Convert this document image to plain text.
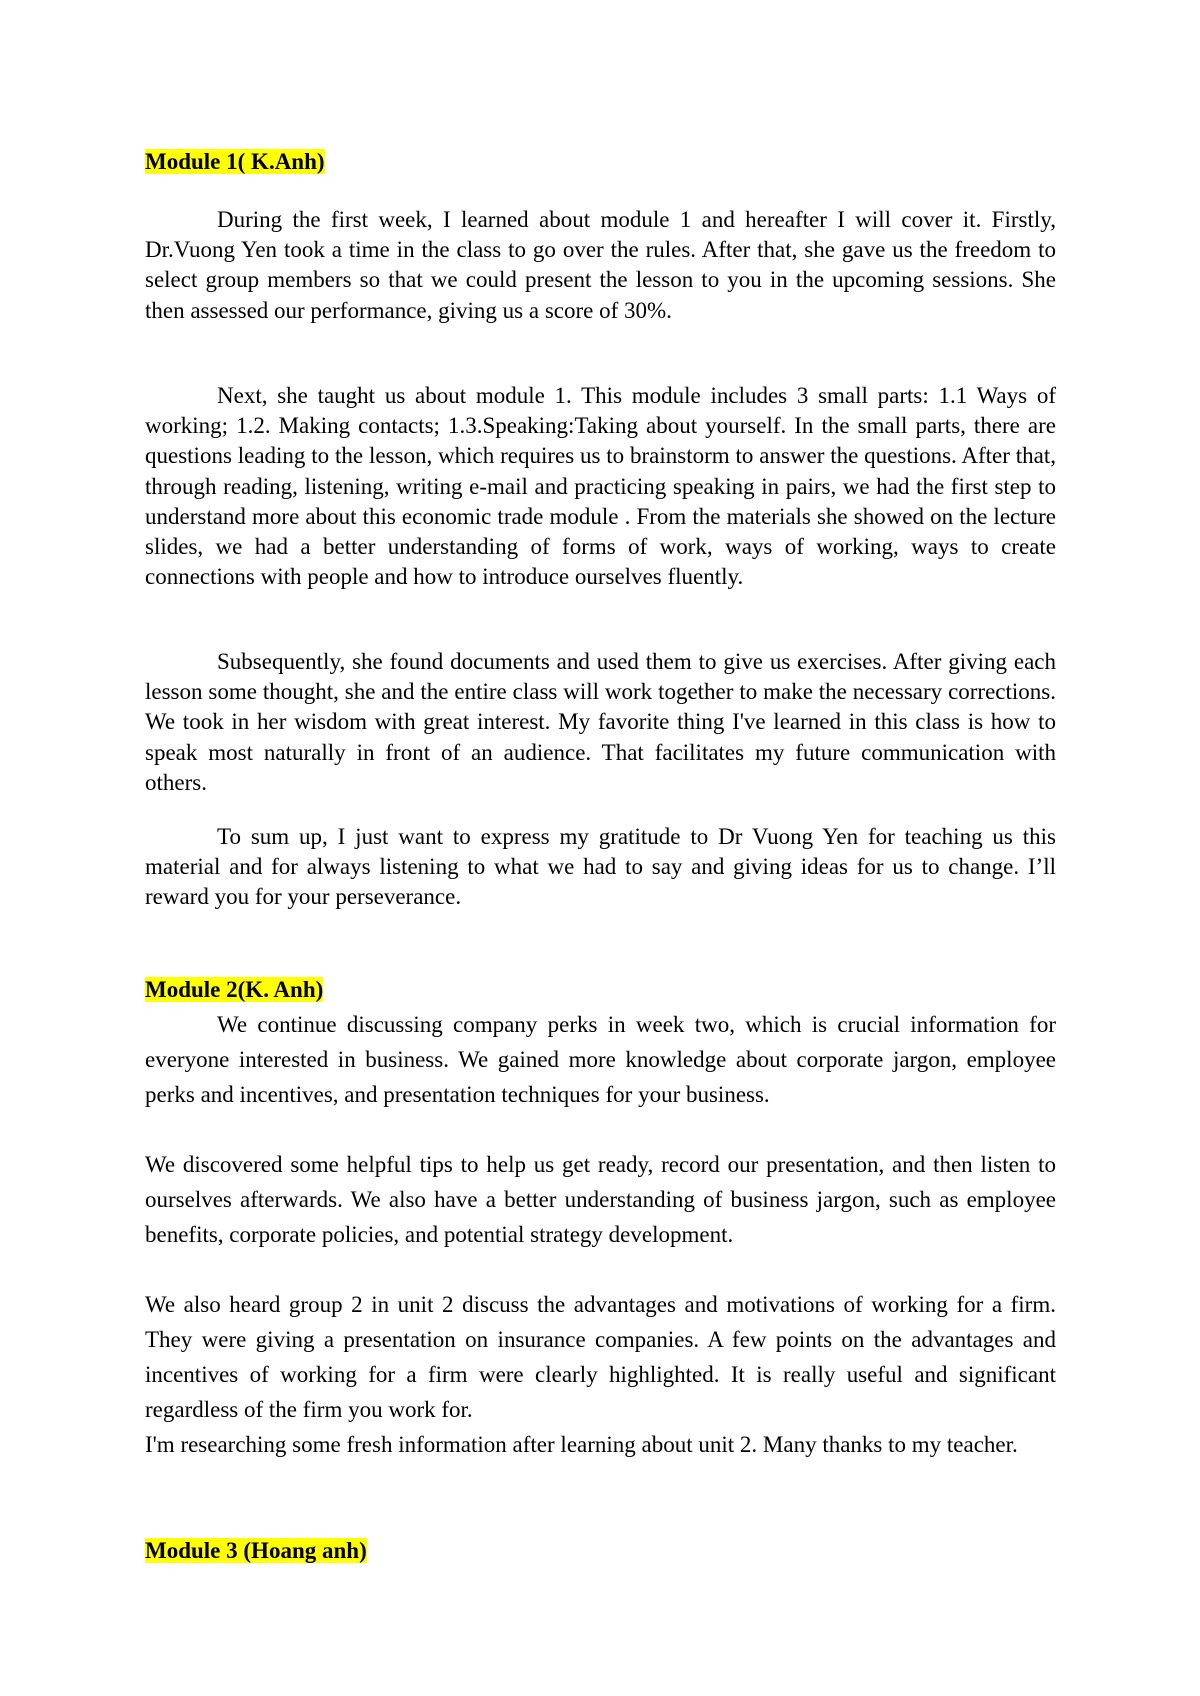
Module 1( K.Anh)

During the first week, I learned about module 1 and hereafter I will cover it. Firstly, Dr.Vuong Yen took a time in the class to go over the rules. After that, she gave us the freedom to select group members so that we could present the lesson to you in the upcoming sessions. She then assessed our performance, giving us a score of 30%.

Next, she taught us about module 1. This module includes 3 small parts: 1.1 Ways of working; 1.2. Making contacts; 1.3.Speaking:Taking about yourself. In the small parts, there are questions leading to the lesson, which requires us to brainstorm to answer the questions. After that, through reading, listening, writing e-mail and practicing speaking in pairs, we had the first step to understand more about this economic trade module . From the materials she showed on the lecture slides, we had a better understanding of forms of work, ways of working, ways to create connections with people and how to introduce ourselves fluently.

Subsequently, she found documents and used them to give us exercises. After giving each lesson some thought, she and the entire class will work together to make the necessary corrections. We took in her wisdom with great interest. My favorite thing I've learned in this class is how to speak most naturally in front of an audience. That facilitates my future communication with others.

To sum up, I just want to express my gratitude to Dr Vuong Yen for teaching us this material and for always listening to what we had to say and giving ideas for us to change. I’ll reward you for your perseverance.

Module 2(K. Anh)

We continue discussing company perks in week two, which is crucial information for everyone interested in business. We gained more knowledge about corporate jargon, employee perks and incentives, and presentation techniques for your business.

We discovered some helpful tips to help us get ready, record our presentation, and then listen to ourselves afterwards. We also have a better understanding of business jargon, such as employee benefits, corporate policies, and potential strategy development.

We also heard group 2 in unit 2 discuss the advantages and motivations of working for a firm. They were giving a presentation on insurance companies. A few points on the advantages and incentives of working for a firm were clearly highlighted. It is really useful and significant regardless of the firm you work for.

I'm researching some fresh information after learning about unit 2. Many thanks to my teacher.

Module 3 (Hoang anh)
